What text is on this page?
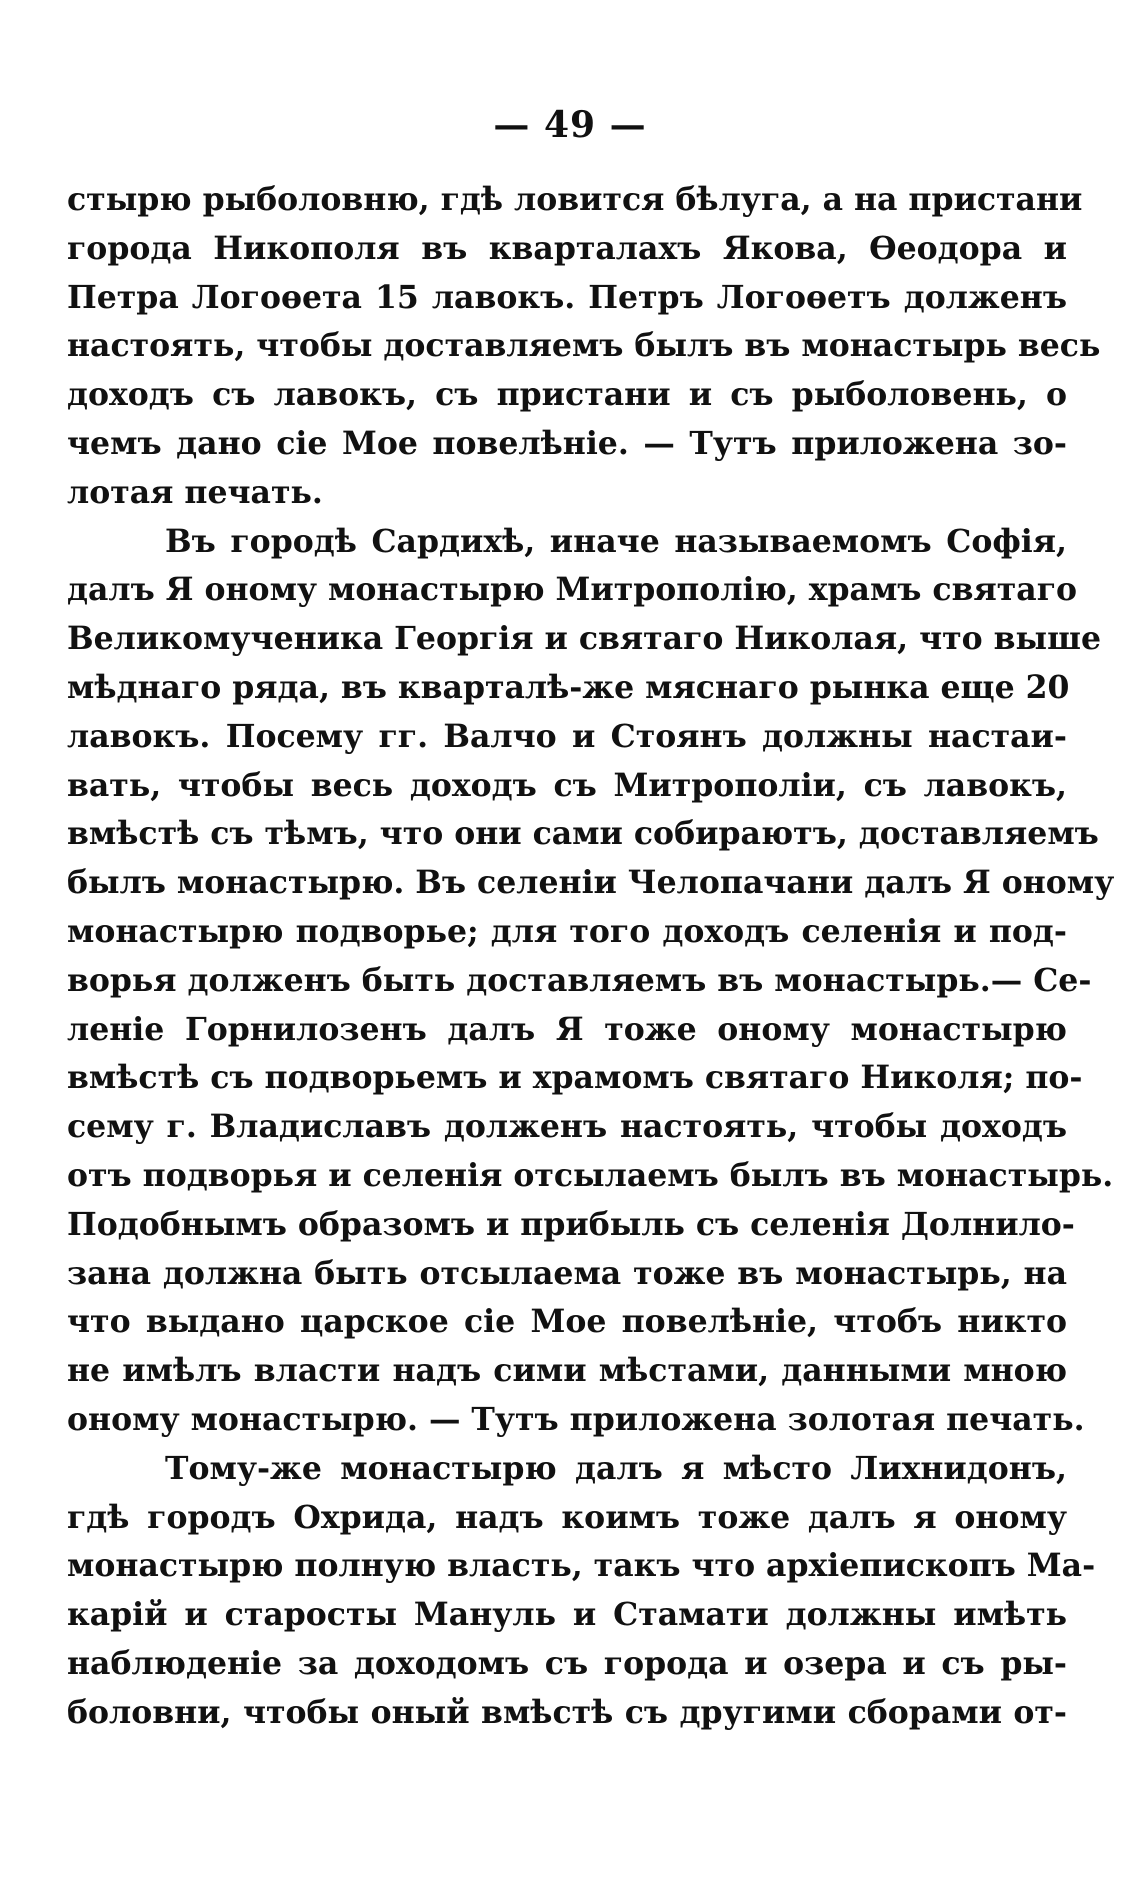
— 49 —
стырю рыболовню, гдѣ ловится бѣлуга, а на пристани
города Никополя въ кварталахъ Якова, Өеодора и
Петра Логоөета 15 лавокъ. Петръ Логоөетъ долженъ
настоять, чтобы доставляемъ былъ въ монастырь весь
доходъ съ лавокъ, съ пристани и съ рыболовень, о
чемъ дано сіе Мое повелѣніе. — Тутъ приложена зо-
лотая печать.
Въ городѣ Сардихѣ, иначе называемомъ Софія,
далъ Я оному монастырю Митрополію, храмъ святаго
Великомученика Георгія и святаго Николая, что выше
мѣднаго ряда, въ кварталѣ-же мяснаго рынка еще 20
лавокъ. Посему гг. Валчо и Стоянъ должны настаи-
вать, чтобы весь доходъ съ Митрополіи, съ лавокъ,
вмѣстѣ съ тѣмъ, что они сами собираютъ, доставляемъ
былъ монастырю. Въ селеніи Челопачани далъ Я оному
монастырю подворье; для того доходъ селенія и под-
ворья долженъ быть доставляемъ въ монастырь.— Се-
леніе Горнилозенъ далъ Я тоже оному монастырю
вмѣстѣ съ подворьемъ и храмомъ святаго Николя; по-
сему г. Владиславъ долженъ настоять, чтобы доходъ
отъ подворья и селенія отсылаемъ былъ въ монастырь.
Подобнымъ образомъ и прибыль съ селенія Долнило-
зана должна быть отсылаема тоже въ монастырь, на
что выдано царское сіе Мое повелѣніе, чтобъ никто
не имѣлъ власти надъ сими мѣстами, данными мною
оному монастырю. — Тутъ приложена золотая печать.
Тому-же монастырю далъ я мѣсто Лихнидонъ,
гдѣ городъ Охрида, надъ коимъ тоже далъ я оному
монастырю полную власть, такъ что архіепископъ Ма-
карій и старосты Мануль и Стамати должны имѣть
наблюденіе за доходомъ съ города и озера и съ ры-
боловни, чтобы оный вмѣстѣ съ другими сборами от-
